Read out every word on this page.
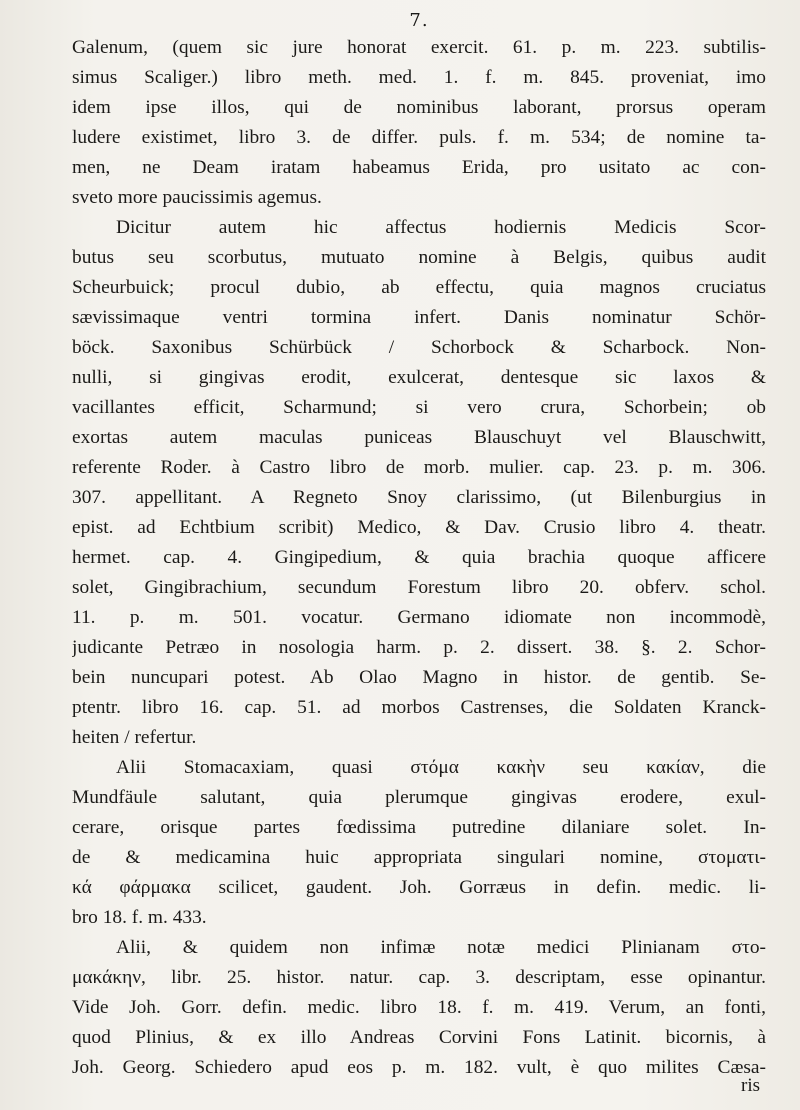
7.
Galenum, (quem sic jure honorat exercit. 61. p. m. 223. subtilis-
simus Scaliger.) libro meth. med. 1. f. m. 845. proveniat, imo
idem ipse illos, qui de nominibus laborant, prorsus operam
ludere existimet, libro 3. de differ. puls. f. m. 534; de nomine ta-
men, ne Deam iratam habeamus Erida, pro usitato ac con-
sveto more paucissimis agemus.
Dicitur autem hic affectus hodiernis Medicis Scor-
butus seu scorbutus, mutuato nomine à Belgis, quibus audit
Scheurbuick; procul dubio, ab effectu, quia magnos cruciatus
sævissimaque ventri tormina infert. Danis nominatur Schör-
böck. Saxonibus Schürbück / Schorbock & Scharbock. Non-
nulli, si gingivas erodit, exulcerat, dentesque sic laxos &
vacillantes efficit, Scharmund; si vero crura, Schorbein; ob
exortas autem maculas puniceas Blauschuyt vel Blauschwitt,
referente Roder. à Castro libro de morb. mulier. cap. 23. p. m. 306.
307. appellitant. A Regneto Snoy clarissimo, (ut Bilenburgius in
epist. ad Echtbium scribit) Medico, & Dav. Crusio libro 4. theatr.
hermet. cap. 4. Gingipedium, & quia brachia quoque afficere
solet, Gingibrachium, secundum Forestum libro 20. obferv. schol.
11. p. m. 501. vocatur. Germano idiomate non incommodè,
judicante Petræo in nosologia harm. p. 2. dissert. 38. §. 2. Schor-
bein nuncupari potest. Ab Olao Magno in histor. de gentib. Se-
ptentr. libro 16. cap. 51. ad morbos Castrenses, die Soldaten Kranck-
heiten / refertur.
Alii Stomacaxiam, quasi στόμα κακὴν seu κακίαν, die
Mundfäule salutant, quia plerumque gingivas erodere, exul-
cerare, orisque partes fœdissima putredine dilaniare solet. In-
de & medicamina huic appropriata singulari nomine, στοματι-
κά φάρμακα scilicet, gaudent. Joh. Gorræus in defin. medic. li-
bro 18. f. m. 433.
Alii, & quidem non infimæ notæ medici Plinianam στο-
μακάκην, libr. 25. histor. natur. cap. 3. descriptam, esse opinantur.
Vide Joh. Gorr. defin. medic. libro 18. f. m. 419. Verum, an fonti,
quod Plinius, & ex illo Andreas Corvini Fons Latinit. bicornis, à
Joh. Georg. Schiedero apud eos p. m. 182. vult, è quo milites Cæsa-
ris
